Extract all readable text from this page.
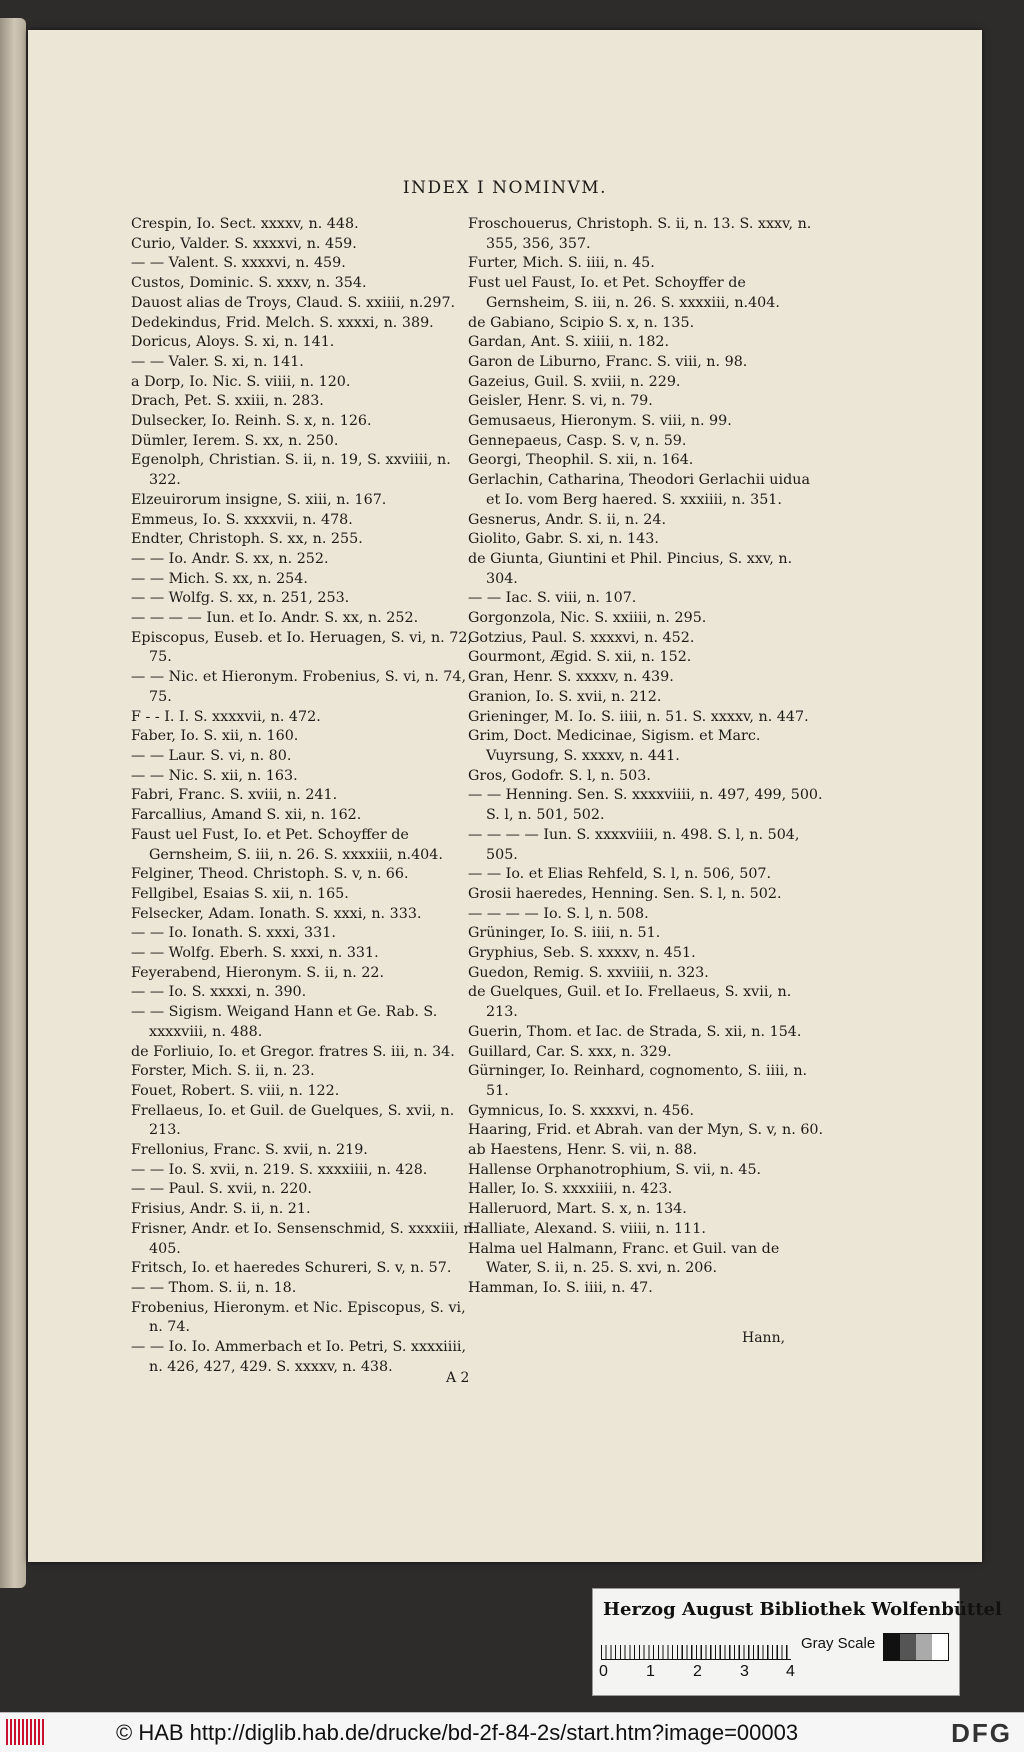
INDEX I NOMINVM.
Crespin, Io. Sect. xxxxv, n. 448.
Curio, Valder. S. xxxxvi, n. 459.
— — Valent. S. xxxxvi, n. 459.
Custos, Dominic. S. xxxv, n. 354.
Dauost alias de Troys, Claud. S. xxiiii, n.297.
Dedekindus, Frid. Melch. S. xxxxi, n. 389.
Doricus, Aloys. S. xi, n. 141.
— — Valer. S. xi, n. 141.
a Dorp, Io. Nic. S. viiii, n. 120.
Drach, Pet. S. xxiii, n. 283.
Dulsecker, Io. Reinh. S. x, n. 126.
Dümler, Ierem. S. xx, n. 250.
Egenolph, Christian. S. ii, n. 19, S. xxviiii, n. 322.
Elzeuirorum insigne, S. xiii, n. 167.
Emmeus, Io. S. xxxxvii, n. 478.
Endter, Christoph. S. xx, n. 255.
— — Io. Andr. S. xx, n. 252.
— — Mich. S. xx, n. 254.
— — Wolfg. S. xx, n. 251, 253.
— — — — Iun. et Io. Andr. S. xx, n. 252.
Episcopus, Euseb. et Io. Heruagen, S. vi, n. 72, 75.
— — Nic. et Hieronym. Frobenius, S. vi, n. 74, 75.
F - - I. I. S. xxxxvii, n. 472.
Faber, Io. S. xii, n. 160.
— — Laur. S. vi, n. 80.
— — Nic. S. xii, n. 163.
Fabri, Franc. S. xviii, n. 241.
Farcallius, Amand S. xii, n. 162.
Faust uel Fust, Io. et Pet. Schoyffer de Gernsheim, S. iii, n. 26. S. xxxxiii, n.404.
Felginer, Theod. Christoph. S. v, n. 66.
Fellgibel, Esaias S. xii, n. 165.
Felsecker, Adam. Ionath. S. xxxi, n. 333.
— — Io. Ionath. S. xxxi, 331.
— — Wolfg. Eberh. S. xxxi, n. 331.
Feyerabend, Hieronym. S. ii, n. 22.
— — Io. S. xxxxi, n. 390.
— — Sigism. Weigand Hann et Ge. Rab. S. xxxxviii, n. 488.
de Forliuio, Io. et Gregor. fratres S. iii, n. 34.
Forster, Mich. S. ii, n. 23.
Fouet, Robert. S. viii, n. 122.
Frellaeus, Io. et Guil. de Guelques, S. xvii, n. 213.
Frellonius, Franc. S. xvii, n. 219.
— — Io. S. xvii, n. 219. S. xxxxiiii, n. 428.
— — Paul. S. xvii, n. 220.
Frisius, Andr. S. ii, n. 21.
Frisner, Andr. et Io. Sensenschmid, S. xxxxiii, n. 405.
Fritsch, Io. et haeredes Schureri, S. v, n. 57.
— — Thom. S. ii, n. 18.
Frobenius, Hieronym. et Nic. Episcopus, S. vi, n. 74.
— — Io. Io. Ammerbach et Io. Petri, S. xxxxiiii, n. 426, 427, 429. S. xxxxv, n. 438.
Froschouerus, Christoph. S. ii, n. 13. S. xxxv, n. 355, 356, 357.
Furter, Mich. S. iiii, n. 45.
Fust uel Faust, Io. et Pet. Schoyffer de Gernsheim, S. iii, n. 26. S. xxxxiii, n.404.
de Gabiano, Scipio S. x, n. 135.
Gardan, Ant. S. xiiii, n. 182.
Garon de Liburno, Franc. S. viii, n. 98.
Gazeius, Guil. S. xviii, n. 229.
Geisler, Henr. S. vi, n. 79.
Gemusaeus, Hieronym. S. viii, n. 99.
Gennepaeus, Casp. S. v, n. 59.
Georgi, Theophil. S. xii, n. 164.
Gerlachin, Catharina, Theodori Gerlachii uidua et Io. vom Berg haered. S. xxxiiii, n. 351.
Gesnerus, Andr. S. ii, n. 24.
Giolito, Gabr. S. xi, n. 143.
de Giunta, Giuntini et Phil. Pincius, S. xxv, n. 304.
— — Iac. S. viii, n. 107.
Gorgonzola, Nic. S. xxiiii, n. 295.
Gotzius, Paul. S. xxxxvi, n. 452.
Gourmont, Ægid. S. xii, n. 152.
Gran, Henr. S. xxxxv, n. 439.
Granion, Io. S. xvii, n. 212.
Grieninger, M. Io. S. iiii, n. 51. S. xxxxv, n. 447.
Grim, Doct. Medicinae, Sigism. et Marc. Vuyrsung, S. xxxxv, n. 441.
Gros, Godofr. S. l, n. 503.
— — Henning. Sen. S. xxxxviiii, n. 497, 499, 500. S. l, n. 501, 502.
— — — — Iun. S. xxxxviiii, n. 498. S. l, n. 504, 505.
— — Io. et Elias Rehfeld, S. l, n. 506, 507.
Grosii haeredes, Henning. Sen. S. l, n. 502.
— — — — Io. S. l, n. 508.
Grüninger, Io. S. iiii, n. 51.
Gryphius, Seb. S. xxxxv, n. 451.
Guedon, Remig. S. xxviiii, n. 323.
de Guelques, Guil. et Io. Frellaeus, S. xvii, n. 213.
Guerin, Thom. et Iac. de Strada, S. xii, n. 154.
Guillard, Car. S. xxx, n. 329.
Gürninger, Io. Reinhard, cognomento, S. iiii, n. 51.
Gymnicus, Io. S. xxxxvi, n. 456.
Haaring, Frid. et Abrah. van der Myn, S. v, n. 60.
ab Haestens, Henr. S. vii, n. 88.
Hallense Orphanotrophium, S. vii, n. 45.
Haller, Io. S. xxxxiiii, n. 423.
Halleruord, Mart. S. x, n. 134.
Halliate, Alexand. S. viiii, n. 111.
Halma uel Halmann, Franc. et Guil. van de Water, S. ii, n. 25. S. xvi, n. 206.
Hamman, Io. S. iiii, n. 47.
A 2
Hann,
Herzog August Bibliothek Wolfenbüttel
0 1 2 3 4
Gray Scale
© HAB http://diglib.hab.de/drucke/bd-2f-84-2s/start.htm?image=00003	DFG
